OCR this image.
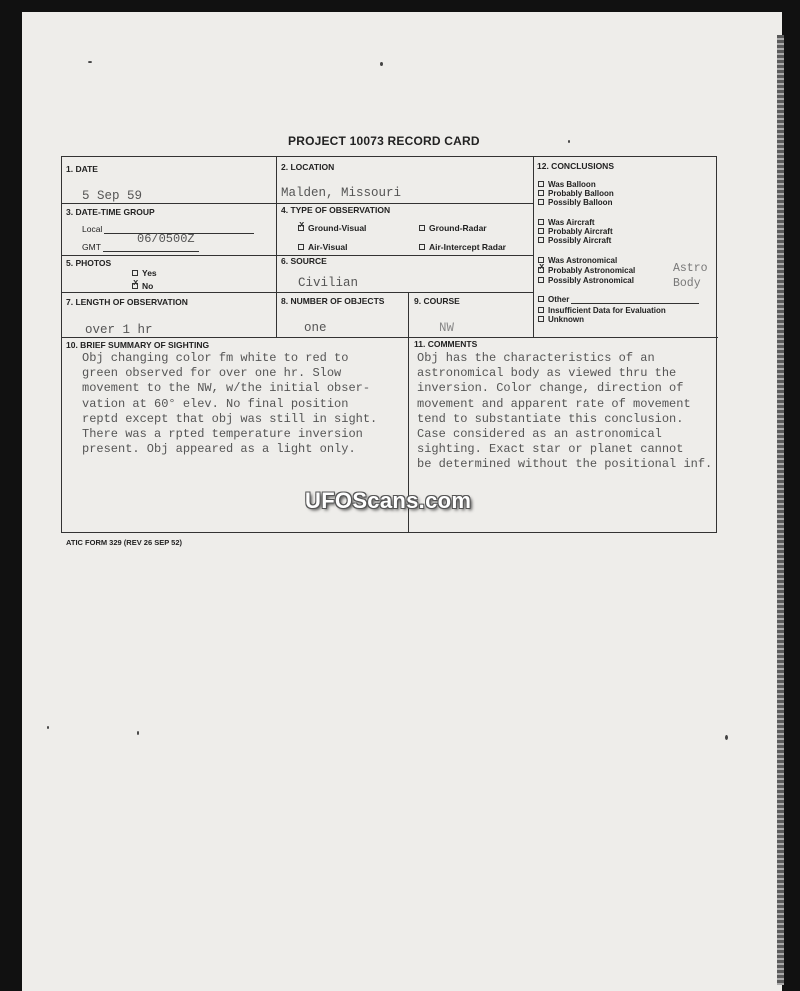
PROJECT 10073 RECORD CARD
1. DATE
5 Sep 59
2. LOCATION
Malden, Missouri
3. DATE-TIME GROUP
Local
GMT
06/0500Z
4. TYPE OF OBSERVATION
xGround-Visual	Ground-Radar
Air-Visual	Air-Intercept Radar
5. PHOTOS
Yes
xNo
6. SOURCE
Civilian
7. LENGTH OF OBSERVATION
over 1 hr
8. NUMBER OF OBJECTS
one
9. COURSE
NW
10. BRIEF SUMMARY OF SIGHTING
Obj changing color fm white to red to
green observed for over one hr. Slow
movement to the NW, w/the initial obser-
vation at 60° elev. No final position
reptd except that obj was still in sight.
There was a rpted temperature inversion
present. Obj appeared as a light only.
11. COMMENTS
Obj has the characteristics of an
astronomical body as viewed thru the
inversion. Color change, direction of
movement and apparent rate of movement
tend to substantiate this conclusion.
Case considered as an astronomical
sighting. Exact star or planet cannot
be determined without the positional inf.
12. CONCLUSIONS
Was Balloon
Probably Balloon
Possibly Balloon
Was Aircraft
Probably Aircraft
Possibly Aircraft
Was Astronomical
xProbably Astronomical
Possibly Astronomical
Astro
Body
Other
Insufficient Data for Evaluation
Unknown
UFOScans.com
ATIC FORM 329 (REV 26 SEP 52)
